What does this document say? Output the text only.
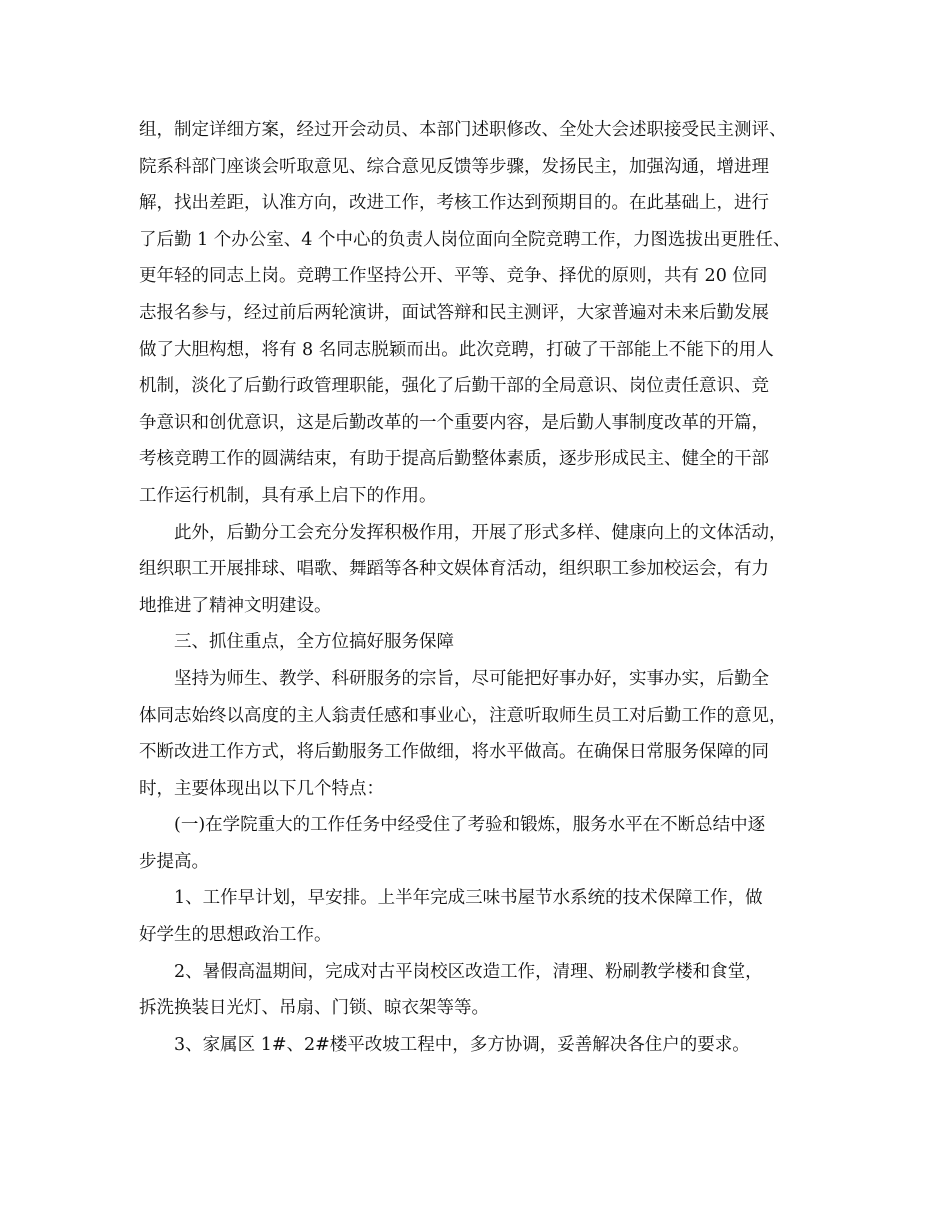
组，制定详细方案，经过开会动员、本部门述职修改、全处大会述职接受民主测评、
院系科部门座谈会听取意见、综合意见反馈等步骤，发扬民主，加强沟通，增进理
解，找出差距，认准方向，改进工作，考核工作达到预期目的。在此基础上，进行
了后勤 1 个办公室、4 个中心的负责人岗位面向全院竞聘工作，力图选拔出更胜任、
更年轻的同志上岗。竞聘工作坚持公开、平等、竞争、择优的原则，共有 20 位同
志报名参与，经过前后两轮演讲，面试答辩和民主测评，大家普遍对未来后勤发展
做了大胆构想，将有 8 名同志脱颖而出。此次竞聘，打破了干部能上不能下的用人
机制，淡化了后勤行政管理职能，强化了后勤干部的全局意识、岗位责任意识、竞
争意识和创优意识，这是后勤改革的一个重要内容，是后勤人事制度改革的开篇，
考核竞聘工作的圆满结束，有助于提高后勤整体素质，逐步形成民主、健全的干部
工作运行机制，具有承上启下的作用。
此外，后勤分工会充分发挥积极作用，开展了形式多样、健康向上的文体活动，
组织职工开展排球、唱歌、舞蹈等各种文娱体育活动，组织职工参加校运会，有力
地推进了精神文明建设。
三、抓住重点，全方位搞好服务保障
坚持为师生、教学、科研服务的宗旨，尽可能把好事办好，实事办实，后勤全
体同志始终以高度的主人翁责任感和事业心，注意听取师生员工对后勤工作的意见，
不断改进工作方式，将后勤服务工作做细，将水平做高。在确保日常服务保障的同
时，主要体现出以下几个特点：
(一)在学院重大的工作任务中经受住了考验和锻炼，服务水平在不断总结中逐
步提高。
1、工作早计划，早安排。上半年完成三味书屋节水系统的技术保障工作，做
好学生的思想政治工作。
2、暑假高温期间，完成对古平岗校区改造工作，清理、粉刷教学楼和食堂，
拆洗换装日光灯、吊扇、门锁、晾衣架等等。
3、家属区 1#、2#楼平改坡工程中，多方协调，妥善解决各住户的要求。
